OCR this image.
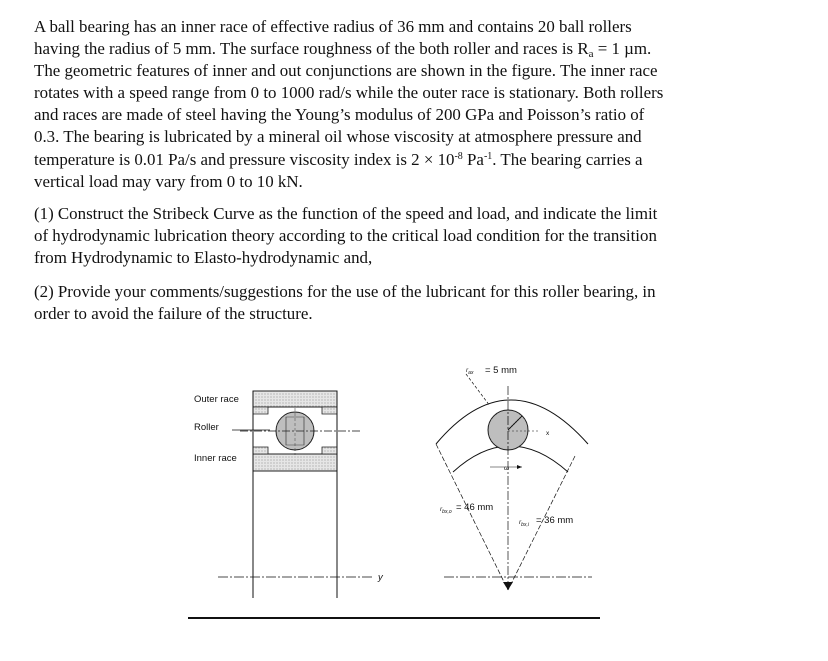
A ball bearing has an inner race of effective radius of 36 mm and contains 20 ball rollers
having the radius of 5 mm. The surface roughness of the both roller and races is $R_a = 1$ µm.
The geometric features of inner and out conjunctions are shown in the figure. The inner race
rotates with a speed range from 0 to 1000 rad/s while the outer race is stationary. Both rollers
and races are made of steel having the Young’s modulus of 200 GPa and Poisson’s ratio of
0.3. The bearing is lubricated by a mineral oil whose viscosity at atmosphere pressure and
temperature is 0.01 Pa/s and pressure viscosity index is $2 \times 10^{-8}$ $Pa^{-1}$. The bearing carries a
vertical load may vary from 0 to 10 kN.

(1) Construct the Stribeck Curve as the function of the speed and load, and indicate the limit
of hydrodynamic lubrication theory according to the critical load condition for the transition
from Hydrodynamic to Elasto-hydrodynamic and,

(2) Provide your comments/suggestions for the use of the lubricant for this roller bearing, in
order to avoid the failure of the structure.

Outer race
Roller
Inner race
y
$r_{ax} = 5$ mm
x
ω
$r_{bx,o} = 46$ mm
$r_{bx,i} = 36$ mm
